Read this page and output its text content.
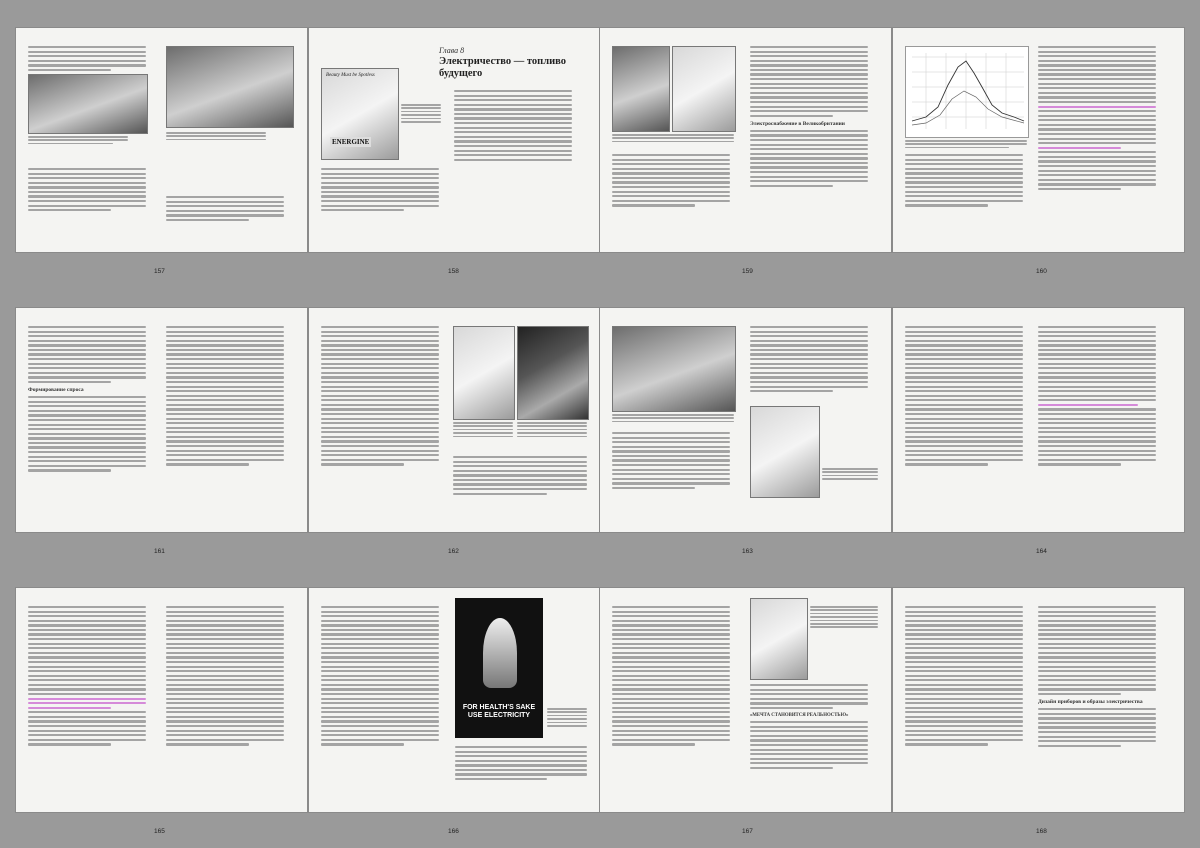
Beauty Must be Spotless
ENERGINE
Глава 8
Электричество — топливо будущего
Электроснабжение в Великобритании
157	158	159	160
Формирование спроса
161	162	163	164
FOR HEALTH'S SAKE USE ELECTRICITY	«МЕЧТА СТАНОВИТСЯ РЕАЛЬНОСТЬЮ»
Дизайн приборов и образы электричества
165	166	167	168
